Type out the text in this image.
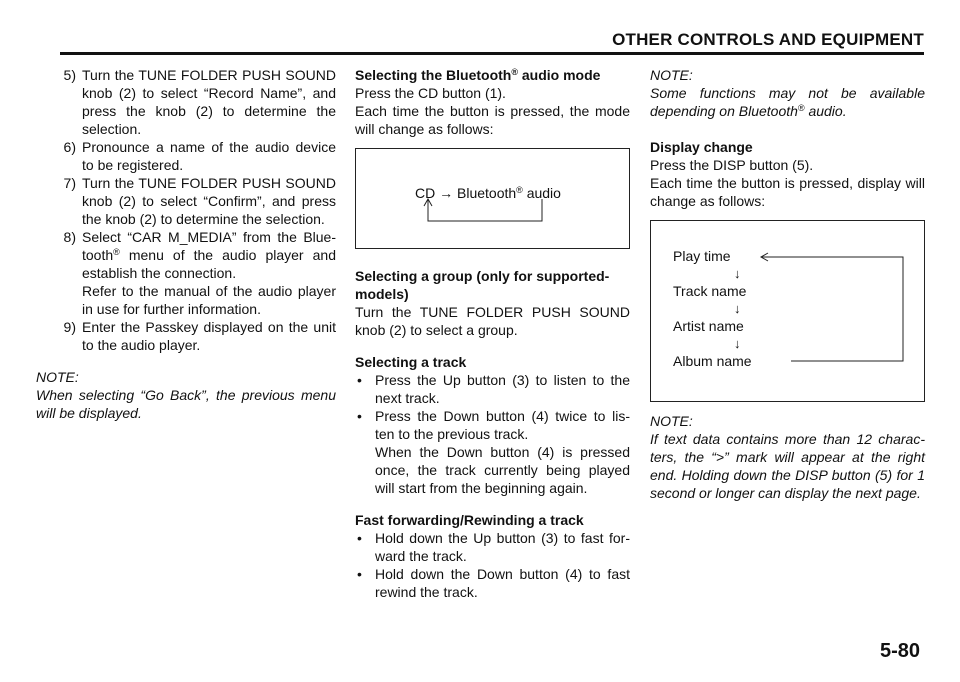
OTHER CONTROLS AND EQUIPMENT
5) Turn the TUNE FOLDER PUSH SOUND knob (2) to select “Record Name”, and press the knob (2) to determine the selection.
6) Pronounce a name of the audio device to be registered.
7) Turn the TUNE FOLDER PUSH SOUND knob (2) to select “Confirm”, and press the knob (2) to determine the selection.
8) Select “CAR M_MEDIA” from the Blue-tooth® menu of the audio player and establish the connection.
Refer to the manual of the audio player in use for further information.
9) Enter the Passkey displayed on the unit to the audio player.

NOTE:

When selecting “Go Back”, the previous menu will be displayed.

Selecting the Bluetooth® audio mode

Press the CD button (1).

Each time the button is pressed, the mode will change as follows:

CD → Bluetooth® audio
Selecting a group (only for supported-models)

Turn the TUNE FOLDER PUSH SOUND knob (2) to select a group.

Selecting a track
• Press the Up button (3) to listen to the next track.
• Press the Down button (4) twice to lis-ten to the previous track.
When the Down button (4) is pressed once, the track currently being played will start from the beginning again.
Fast forwarding/Rewinding a track
• Hold down the Up button (3) to fast for-ward the track.
• Hold down the Down button (4) to fast rewind the track.

NOTE:

Some functions may not be available depending on Bluetooth® audio.

Display change

Press the DISP button (5).

Each time the button is pressed, display will change as follows:

Play time
↓
Track name
↓
Artist name
↓
Album name

NOTE:

If text data contains more than 12 charac-ters, the “>” mark will appear at the right end. Holding down the DISP button (5) for 1 second or longer can display the next page.

5-80
